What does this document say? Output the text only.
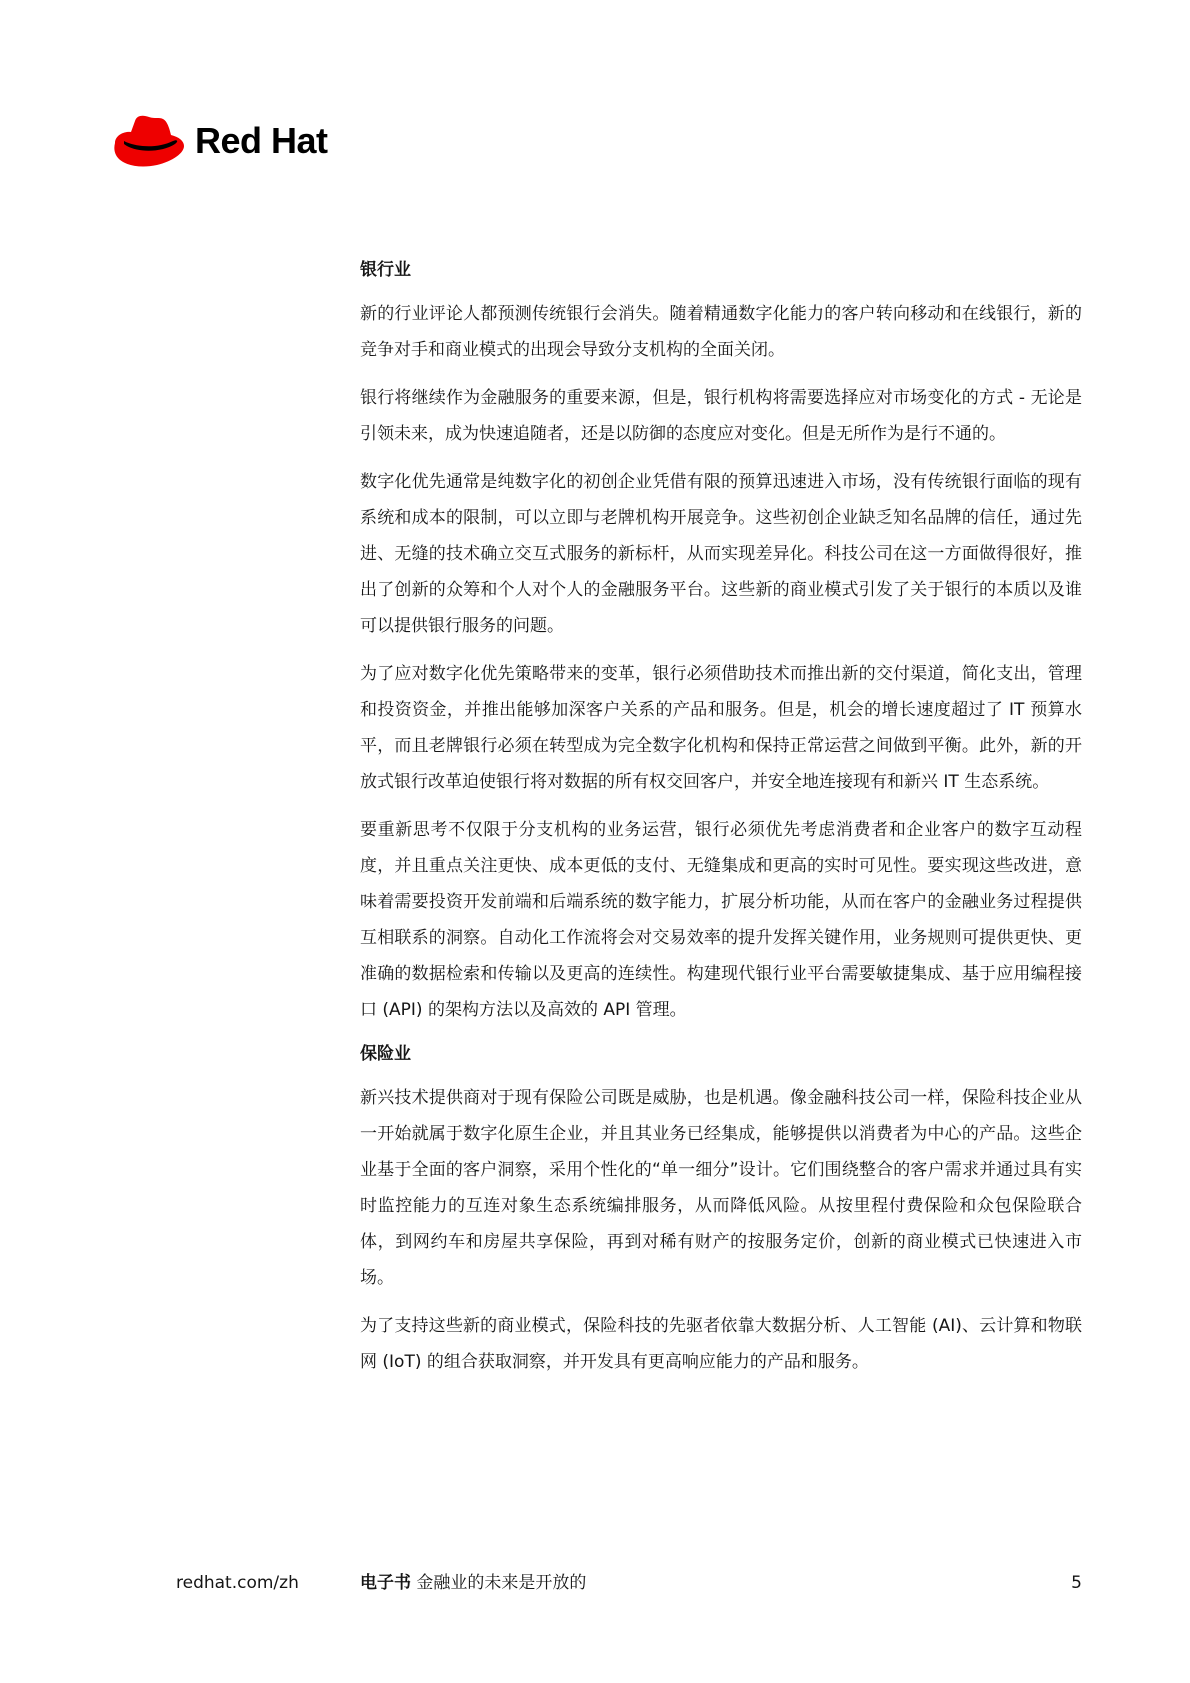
Red Hat
银行业

新的行业评论人都预测传统银行会消失。随着精通数字化能力的客户转向移动和在线银行，新的竞争对手和商业模式的出现会导致分支机构的全面关闭。

银行将继续作为金融服务的重要来源，但是，银行机构将需要选择应对市场变化的方式 - 无论是引领未来，成为快速追随者，还是以防御的态度应对变化。但是无所作为是行不通的。

数字化优先通常是纯数字化的初创企业凭借有限的预算迅速进入市场，没有传统银行面临的现有系统和成本的限制，可以立即与老牌机构开展竞争。这些初创企业缺乏知名品牌的信任，通过先进、无缝的技术确立交互式服务的新标杆，从而实现差异化。科技公司在这一方面做得很好，推出了创新的众筹和个人对个人的金融服务平台。这些新的商业模式引发了关于银行的本质以及谁可以提供银行服务的问题。

为了应对数字化优先策略带来的变革，银行必须借助技术而推出新的交付渠道，简化支出，管理和投资资金，并推出能够加深客户关系的产品和服务。但是，机会的增长速度超过了 IT 预算水平，而且老牌银行必须在转型成为完全数字化机构和保持正常运营之间做到平衡。此外，新的开放式银行改革迫使银行将对数据的所有权交回客户，并安全地连接现有和新兴 IT 生态系统。

要重新思考不仅限于分支机构的业务运营，银行必须优先考虑消费者和企业客户的数字互动程度，并且重点关注更快、成本更低的支付、无缝集成和更高的实时可见性。要实现这些改进，意味着需要投资开发前端和后端系统的数字能力，扩展分析功能，从而在客户的金融业务过程提供互相联系的洞察。自动化工作流将会对交易效率的提升发挥关键作用，业务规则可提供更快、更准确的数据检索和传输以及更高的连续性。构建现代银行业平台需要敏捷集成、基于应用编程接口 (API) 的架构方法以及高效的 API 管理。

保险业

新兴技术提供商对于现有保险公司既是威胁，也是机遇。像金融科技公司一样，保险科技企业从一开始就属于数字化原生企业，并且其业务已经集成，能够提供以消费者为中心的产品。这些企业基于全面的客户洞察，采用个性化的“单一细分”设计。它们围绕整合的客户需求并通过具有实时监控能力的互连对象生态系统编排服务，从而降低风险。从按里程付费保险和众包保险联合体，到网约车和房屋共享保险，再到对稀有财产的按服务定价，创新的商业模式已快速进入市场。

为了支持这些新的商业模式，保险科技的先驱者依靠大数据分析、人工智能 (AI)、云计算和物联网 (IoT) 的组合获取洞察，并开发具有更高响应能力的产品和服务。

redhat.com/zh	电子书 金融业的未来是开放的	5
